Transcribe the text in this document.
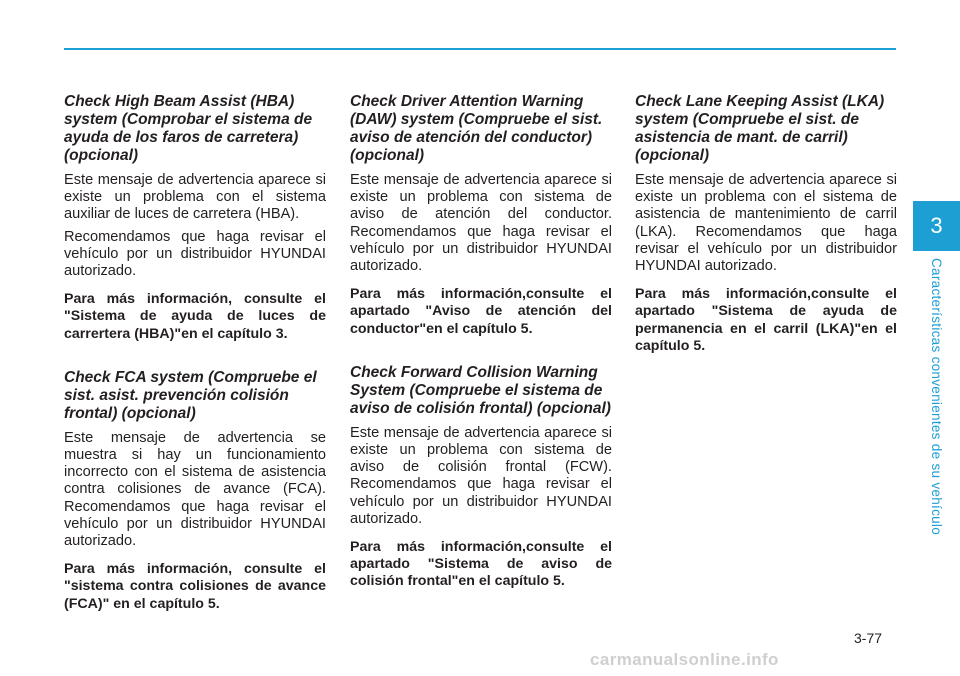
Check High Beam Assist (HBA) system (Comprobar el sistema de ayuda de los faros de carretera) (opcional)

Este mensaje de advertencia aparece si existe un problema con el sistema auxiliar de luces de carretera (HBA).

Recomendamos que haga revisar el vehículo por un distribuidor HYUNDAI autorizado.

Para más información, consulte el "Sistema de ayuda de luces de carrertera (HBA)"en el capítulo 3.

Check FCA system (Compruebe el sist. asist. prevención colisión frontal) (opcional)

Este mensaje de advertencia se muestra si hay un funcionamiento incorrecto con el sistema de asistencia contra colisiones de avance (FCA). Recomendamos que haga revisar el vehículo por un distribuidor HYUNDAI autorizado.

Para más información, consulte el "sistema contra colisiones de avance (FCA)" en el capítulo 5.

Check Driver Attention Warning (DAW) system (Compruebe el sist. aviso de atención del conductor) (opcional)

Este mensaje de advertencia aparece si existe un problema con sistema de aviso de atención del conductor. Recomendamos que haga revisar el vehículo por un distribuidor HYUNDAI autorizado.

Para más información,consulte el apartado "Aviso de atención del conductor"en el capítulo 5.

Check Forward Collision Warning System (Compruebe el sistema de aviso de colisión frontal) (opcional)

Este mensaje de advertencia aparece si existe un problema con sistema de aviso de colisión frontal (FCW). Recomendamos que haga revisar el vehículo por un distribuidor HYUNDAI autorizado.

Para más información,consulte el apartado "Sistema de aviso de colisión frontal"en el capítulo 5.

Check Lane Keeping Assist (LKA) system (Compruebe el sist. de asistencia de mant. de carril) (opcional)

Este mensaje de advertencia aparece si existe un problema con el sistema de asistencia de mantenimiento de carril (LKA). Recomendamos que haga revisar el vehículo por un distribuidor HYUNDAI autorizado.

Para más información,consulte el apartado "Sistema de ayuda de permanencia en el carril (LKA)"en el capítulo 5.

3
Características convenientes de su vehículo
3-77
carmanualsonline.info
